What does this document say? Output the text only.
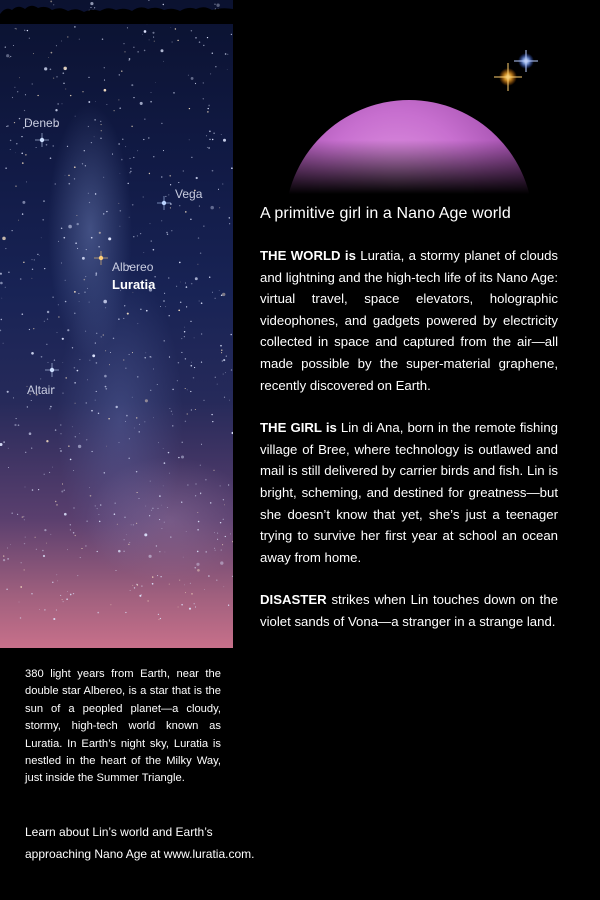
Deneb
Vega
Albereo
Luratia
Altair
A primitive girl in a Nano Age world

THE WORLD is Luratia, a stormy planet of clouds and lightning and the high-tech life of its Nano Age: virtual travel, space elevators, holographic videophones, and gadgets powered by electricity collected in space and captured from the air—all made possible by the super-material graphene, recently discovered on Earth.

THE GIRL is Lin di Ana, born in the remote fishing village of Bree, where technology is outlawed and mail is still delivered by carrier birds and fish. Lin is bright, scheming, and destined for greatness—but she doesn’t know that yet, she’s just a teenager trying to survive her first year at school an ocean away from home.

DISASTER strikes when Lin touches down on the violet sands of Vona—a stranger in a strange land.

380 light years from Earth, near the double star Albereo, is a star that is the sun of a peopled planet—a cloudy, stormy, high-tech world known as Luratia. In Earth’s night sky, Luratia is nestled in the heart of the Milky Way, just inside the Summer Triangle.
Learn about Lin’s world and Earth’s
approaching Nano Age at www.luratia.com.
